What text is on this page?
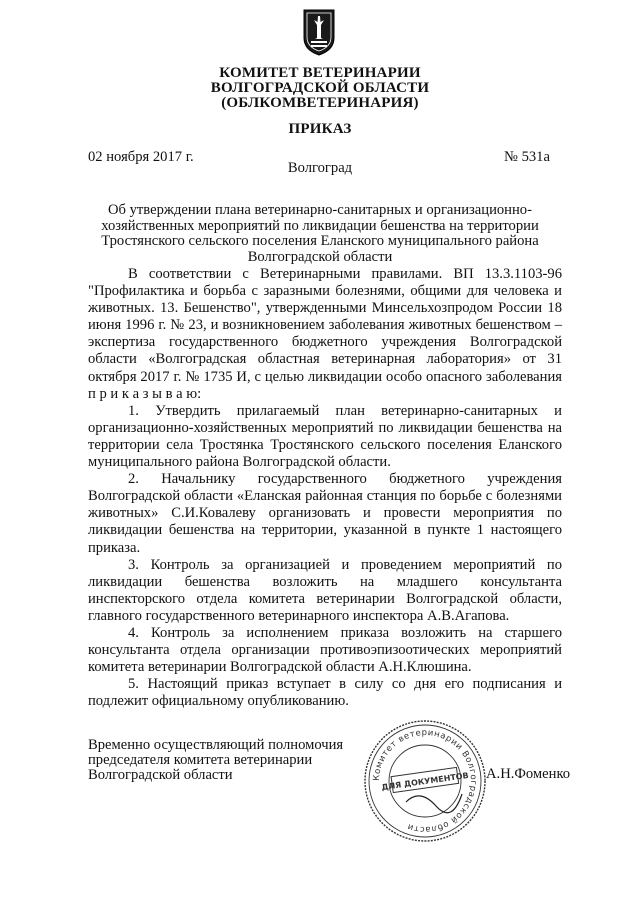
КОМИТЕТ ВЕТЕРИНАРИИ
ВОЛГОГРАДСКОЙ ОБЛАСТИ
(ОБЛКОМВЕТЕРИНАРИЯ)
ПРИКАЗ
02 ноября 2017 г.	№ 531а
Волгоград
Об утверждении плана ветеринарно-санитарных и организационно-
хозяйственных мероприятий по ликвидации бешенства на территории
Тростянского сельского поселения Еланского муниципального района
Волгоградской области

В соответствии с Ветеринарными правилами. ВП 13.3.1103-96 "Профилактика и борьба с заразными болезнями, общими для человека и животных. 13. Бешенство", утвержденными Минсельхозпродом России 18 июня 1996 г. № 23, и возникновением заболевания животных бешенством – экспертиза государственного бюджетного учреждения Волгоградской области «Волгоградская областная ветеринарная лаборатория» от 31 октября 2017 г. № 1735 И, с целью ликвидации особо опасного заболевания п р и к а з ы в а ю:

1. Утвердить прилагаемый план ветеринарно-санитарных и организационно-хозяйственных мероприятий по ликвидации бешенства на территории села Тростянка Тростянского сельского поселения Еланского муниципального района Волгоградской области.

2. Начальнику государственного бюджетного учреждения Волгоградской области «Еланская районная станция по борьбе с болезнями животных» С.И.Ковалеву организовать и провести мероприятия по ликвидации бешенства на территории, указанной в пункте 1 настоящего приказа.

3. Контроль за организацией и проведением мероприятий по ликвидации бешенства возложить на младшего консультанта инспекторского отдела комитета ветеринарии Волгоградской области, главного государственного ветеринарного инспектора А.В.Агапова.

4. Контроль за исполнением приказа возложить на старшего консультанта отдела организации противоэпизоотических мероприятий комитета ветеринарии Волгоградской области А.Н.Клюшина.

5. Настоящий приказ вступает в силу со дня его подписания и подлежит официальному опубликованию.

Временно осуществляющий полномочия
председателя комитета ветеринарии
Волгоградской области	Комитет ветеринарии Волгоградской области
ДЛЯ ДОКУМЕНТОВ А.Н.Фоменко
